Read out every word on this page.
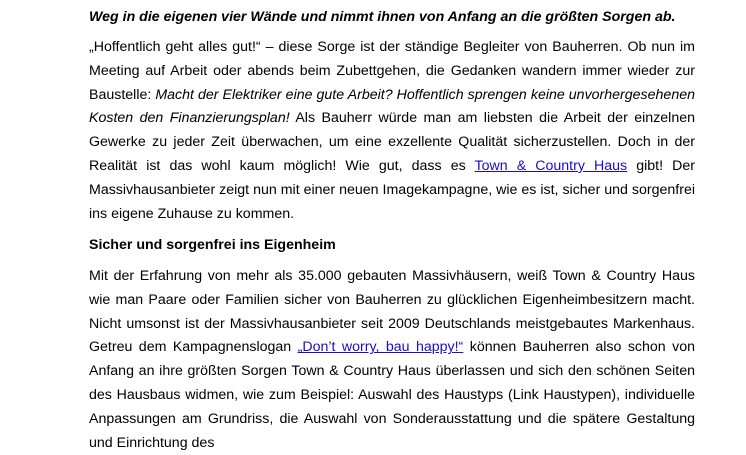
Weg in die eigenen vier Wände und nimmt ihnen von Anfang an die größten Sorgen ab.

„Hoffentlich geht alles gut!“ – diese Sorge ist der ständige Begleiter von Bauherren. Ob nun im Meeting auf Arbeit oder abends beim Zubettgehen, die Gedanken wandern immer wieder zur Baustelle: Macht der Elektriker eine gute Arbeit? Hoffentlich sprengen keine unvorhergesehenen Kosten den Finanzierungsplan! Als Bauherr würde man am liebsten die Arbeit der einzelnen Gewerke zu jeder Zeit überwachen, um eine exzellente Qualität sicherzustellen. Doch in der Realität ist das wohl kaum möglich! Wie gut, dass es Town & Country Haus gibt! Der Massivhausanbieter zeigt nun mit einer neuen Imagekampagne, wie es ist, sicher und sorgenfrei ins eigene Zuhause zu kommen.

Sicher und sorgenfrei ins Eigenheim

Mit der Erfahrung von mehr als 35.000 gebauten Massivhäusern, weiß Town & Country Haus wie man Paare oder Familien sicher von Bauherren zu glücklichen Eigenheimbesitzern macht. Nicht umsonst ist der Massivhausanbieter seit 2009 Deutschlands meistgebautes Markenhaus. Getreu dem Kampagnenslogan „Don’t worry, bau happy!“ können Bauherren also schon von Anfang an ihre größten Sorgen Town & Country Haus überlassen und sich den schönen Seiten des Hausbaus widmen, wie zum Beispiel: Auswahl des Haustyps (Link Haustypen), individuelle Anpassungen am Grundriss, die Auswahl von Sonderausstattung und die spätere Gestaltung und Einrichtung des
